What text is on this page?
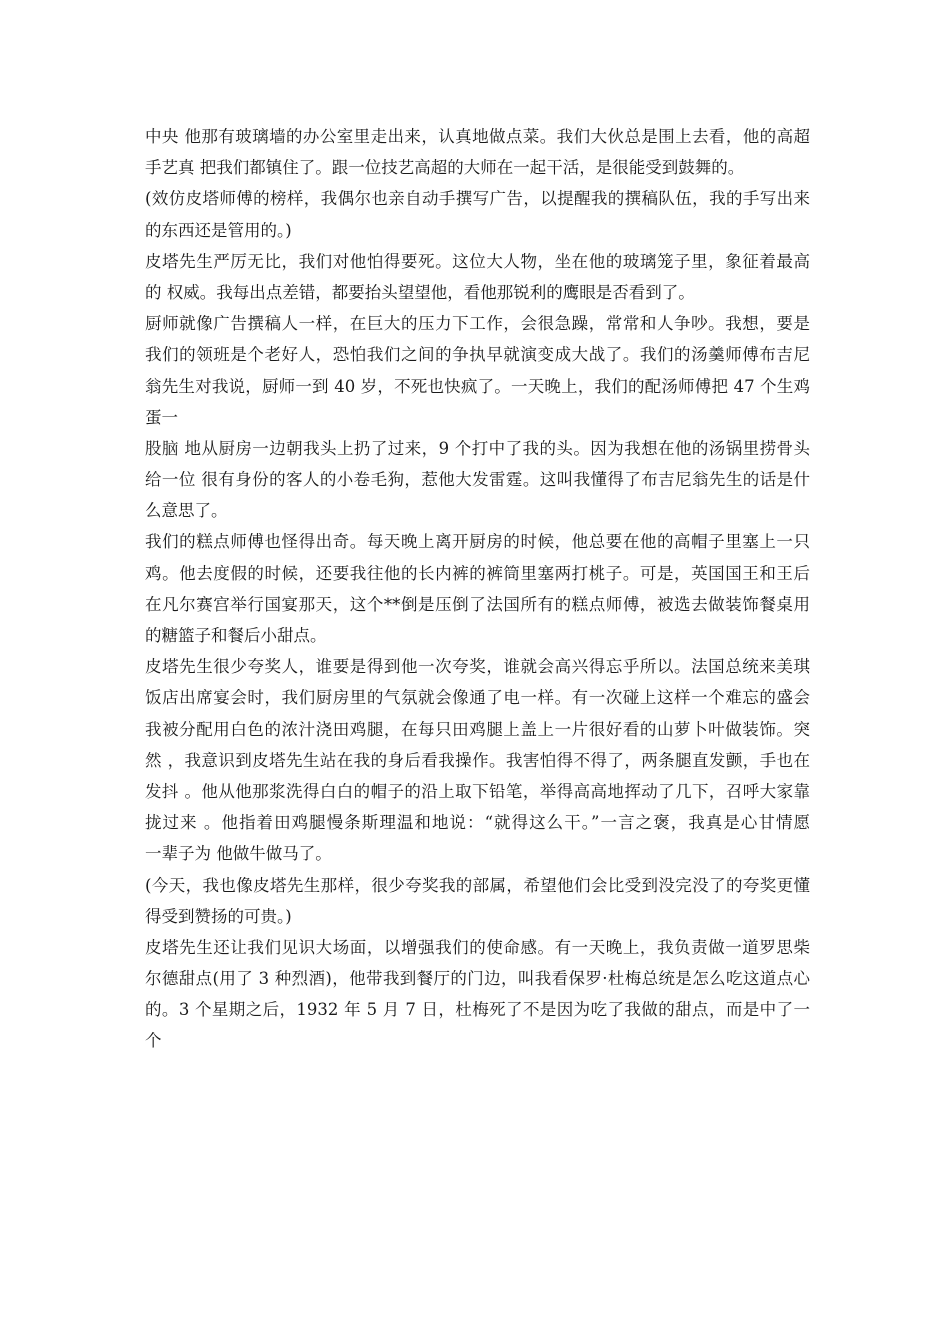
中央 他那有玻璃墙的办公室里走出来，认真地做点菜。我们大伙总是围上去看，他的高超
手艺真 把我们都镇住了。跟一位技艺高超的大师在一起干活，是很能受到鼓舞的。
(效仿皮塔师傅的榜样，我偶尔也亲自动手撰写广告，以提醒我的撰稿队伍，我的手写出来
的东西还是管用的。)
皮塔先生严厉无比，我们对他怕得要死。这位大人物，坐在他的玻璃笼子里，象征着最高
的 权威。我每出点差错，都要抬头望望他，看他那锐利的鹰眼是否看到了。
厨师就像广告撰稿人一样，在巨大的压力下工作，会很急躁，常常和人争吵。我想，要是
我们的领班是个老好人，恐怕我们之间的争执早就演变成大战了。我们的汤羹师傅布吉尼
翁先生对我说，厨师一到 40 岁，不死也快疯了。一天晚上，我们的配汤师傅把 47 个生鸡
蛋一
股脑 地从厨房一边朝我头上扔了过来，9 个打中了我的头。因为我想在他的汤锅里捞骨头
给一位 很有身份的客人的小卷毛狗，惹他大发雷霆。这叫我懂得了布吉尼翁先生的话是什
么意思了。
我们的糕点师傅也怪得出奇。每天晚上离开厨房的时候，他总要在他的高帽子里塞上一只
鸡。他去度假的时候，还要我往他的长内裤的裤筒里塞两打桃子。可是，英国国王和王后
在凡尔赛宫举行国宴那天，这个**倒是压倒了法国所有的糕点师傅，被选去做装饰餐桌用
的糖篮子和餐后小甜点。
皮塔先生很少夸奖人，谁要是得到他一次夸奖，谁就会高兴得忘乎所以。法国总统来美琪
饭店出席宴会时，我们厨房里的气氛就会像通了电一样。有一次碰上这样一个难忘的盛会
我被分配用白色的浓汁浇田鸡腿，在每只田鸡腿上盖上一片很好看的山萝卜叶做装饰。突
然 ，我意识到皮塔先生站在我的身后看我操作。我害怕得不得了，两条腿直发颤，手也在
发抖 。他从他那浆洗得白白的帽子的沿上取下铅笔，举得高高地挥动了几下，召呼大家靠
拢过来 。他指着田鸡腿慢条斯理温和地说：“就得这么干。”一言之褒，我真是心甘情愿
一辈子为 他做牛做马了。
(今天，我也像皮塔先生那样，很少夸奖我的部属，希望他们会比受到没完没了的夸奖更懂
得受到赞扬的可贵。)
皮塔先生还让我们见识大场面，以增强我们的使命感。有一天晚上，我负责做一道罗思柴
尔德甜点(用了 3 种烈酒)，他带我到餐厅的门边，叫我看保罗·杜梅总统是怎么吃这道点心
的。3 个星期之后，1932 年 5 月 7 日，杜梅死了不是因为吃了我做的甜点，而是中了一个
